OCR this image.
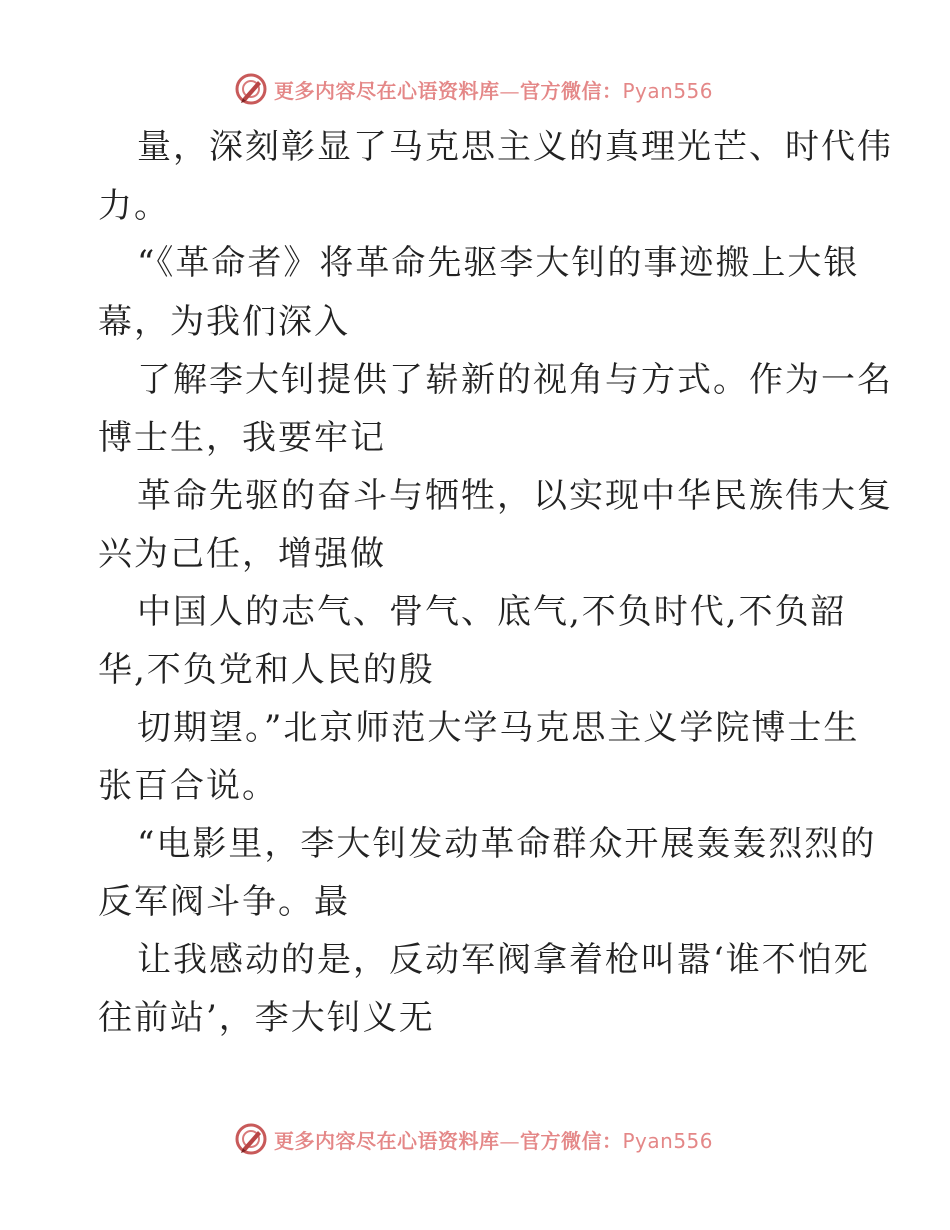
更多内容尽在心语资料库—官方微信：Pyan556
量，深刻彰显了马克思主义的真理光芒、时代伟
力。
“《革命者》将革命先驱李大钊的事迹搬上大银
幕，为我们深入
了解李大钊提供了崭新的视角与方式。作为一名
博士生，我要牢记
革命先驱的奋斗与牺牲，以实现中华民族伟大复
兴为己任，增强做
中国人的志气、骨气、底气,不负时代,不负韶
华,不负党和人民的殷
切期望。”北京师范大学马克思主义学院博士生
张百合说。
“电影里，李大钊发动革命群众开展轰轰烈烈的
反军阀斗争。最
让我感动的是，反动军阀拿着枪叫嚣‘谁不怕死
往前站’，李大钊义无
更多内容尽在心语资料库—官方微信：Pyan556
